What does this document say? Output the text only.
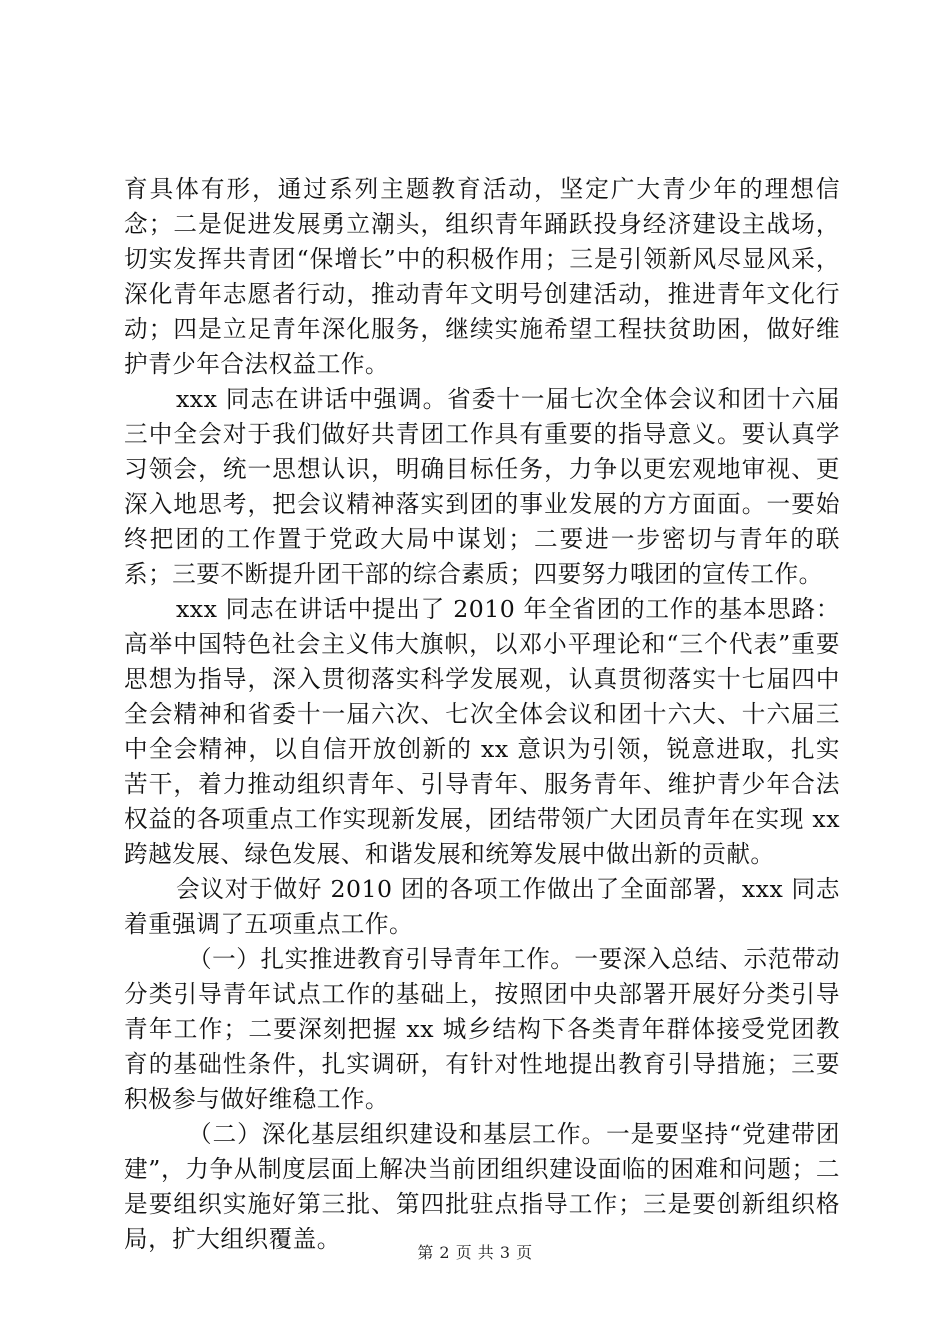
育具体有形，通过系列主题教育活动，坚定广大青少年的理想信念；二是促进发展勇立潮头，组织青年踊跃投身经济建设主战场，切实发挥共青团“保增长”中的积极作用；三是引领新风尽显风采，深化青年志愿者行动，推动青年文明号创建活动，推进青年文化行动；四是立足青年深化服务，继续实施希望工程扶贫助困，做好维护青少年合法权益工作。

xxx 同志在讲话中强调。省委十一届七次全体会议和团十六届三中全会对于我们做好共青团工作具有重要的指导意义。要认真学习领会，统一思想认识，明确目标任务，力争以更宏观地审视、更深入地思考，把会议精神落实到团的事业发展的方方面面。一要始终把团的工作置于党政大局中谋划；二要进一步密切与青年的联系；三要不断提升团干部的综合素质；四要努力哦团的宣传工作。

xxx 同志在讲话中提出了 2010 年全省团的工作的基本思路：高举中国特色社会主义伟大旗帜，以邓小平理论和“三个代表”重要思想为指导，深入贯彻落实科学发展观，认真贯彻落实十七届四中全会精神和省委十一届六次、七次全体会议和团十六大、十六届三中全会精神，以自信开放创新的 xx 意识为引领，锐意进取，扎实苦干，着力推动组织青年、引导青年、服务青年、维护青少年合法权益的各项重点工作实现新发展，团结带领广大团员青年在实现 xx 跨越发展、绿色发展、和谐发展和统筹发展中做出新的贡献。

会议对于做好 2010 团的各项工作做出了全面部署，xxx 同志着重强调了五项重点工作。

（一）扎实推进教育引导青年工作。一要深入总结、示范带动分类引导青年试点工作的基础上，按照团中央部署开展好分类引导青年工作；二要深刻把握 xx 城乡结构下各类青年群体接受党团教育的基础性条件，扎实调研，有针对性地提出教育引导措施；三要积极参与做好维稳工作。

（二）深化基层组织建设和基层工作。一是要坚持“党建带团建”，力争从制度层面上解决当前团组织建设面临的困难和问题；二是要组织实施好第三批、第四批驻点指导工作；三是要创新组织格局，扩大组织覆盖。	第 2 页 共 3 页
